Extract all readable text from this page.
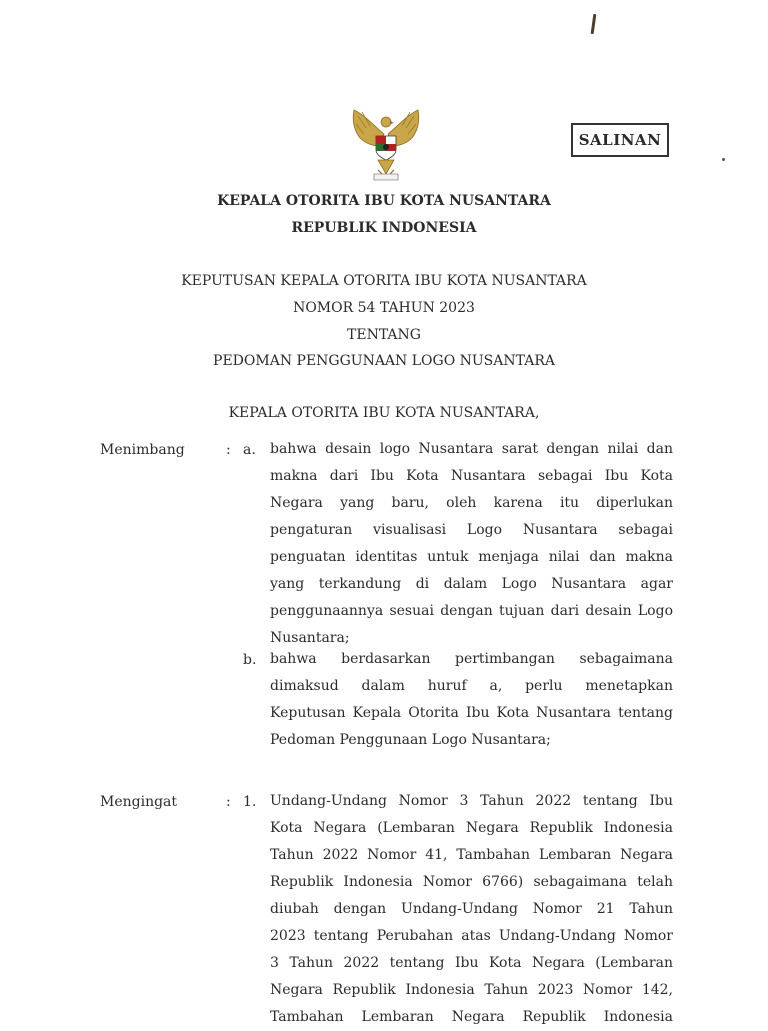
SALINAN
KEPALA OTORITA IBU KOTA NUSANTARA
REPUBLIK INDONESIA
KEPUTUSAN KEPALA OTORITA IBU KOTA NUSANTARA
NOMOR 54 TAHUN 2023
TENTANG
PEDOMAN PENGGUNAAN LOGO NUSANTARA
KEPALA OTORITA IBU KOTA NUSANTARA,
Menimbang	: a. bahwa desain logo Nusantara sarat dengan nilai dan
makna dari Ibu Kota Nusantara sebagai Ibu Kota
Negara yang baru, oleh karena itu diperlukan
pengaturan visualisasi Logo Nusantara sebagai
penguatan identitas untuk menjaga nilai dan makna
yang terkandung di dalam Logo Nusantara agar
penggunaannya sesuai dengan tujuan dari desain Logo
Nusantara;
b. bahwa berdasarkan pertimbangan sebagaimana
dimaksud dalam huruf a, perlu menetapkan
Keputusan Kepala Otorita Ibu Kota Nusantara tentang
Pedoman Penggunaan Logo Nusantara;
Mengingat	: 1. Undang-Undang Nomor 3 Tahun 2022 tentang Ibu
Kota Negara (Lembaran Negara Republik Indonesia
Tahun 2022 Nomor 41, Tambahan Lembaran Negara
Republik Indonesia Nomor 6766) sebagaimana telah
diubah dengan Undang-Undang Nomor 21 Tahun
2023 tentang Perubahan atas Undang-Undang Nomor
3 Tahun 2022 tentang Ibu Kota Negara (Lembaran
Negara Republik Indonesia Tahun 2023 Nomor 142,
Tambahan Lembaran Negara Republik Indonesia
